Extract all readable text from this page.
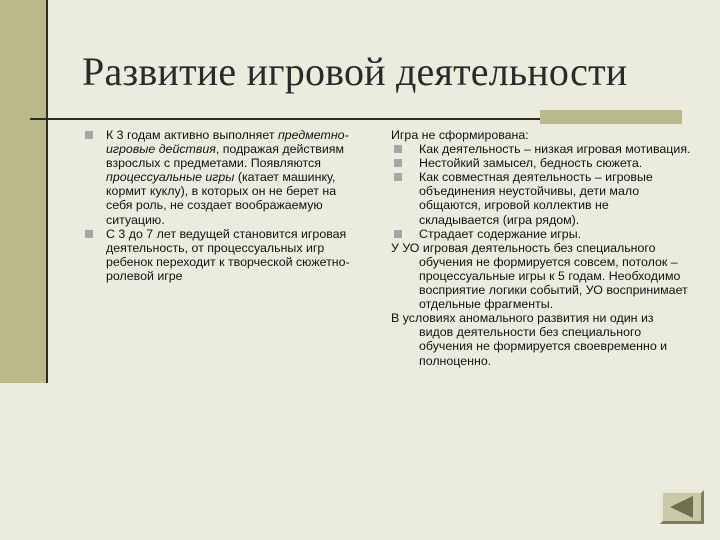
Развитие игровой деятельности
К 3 годам активно выполняет предметно-игровые действия, подражая действиям взрослых с предметами. Появляются процессуальные игры (катает машинку, кормит куклу), в которых он не берет на себя роль, не создает воображаемую ситуацию.
С 3 до 7 лет ведущей становится игровая деятельность, от процессуальных игр ребенок переходит к творческой сюжетно-ролевой игре
Игра не сформирована:
Как деятельность – низкая игровая мотивация.
Нестойкий замысел, бедность сюжета.
Как совместная деятельность – игровые объединения неустойчивы, дети мало общаются, игровой коллектив не складывается (игра рядом).
Страдает содержание игры.
У УО игровая деятельность без специального обучения не формируется совсем, потолок – процессуальные игры к 5 годам. Необходимо восприятие логики событий, УО воспринимает отдельные фрагменты.
В условиях аномального развития ни один из видов деятельности без специального обучения не формируется своевременно и полноценно.
